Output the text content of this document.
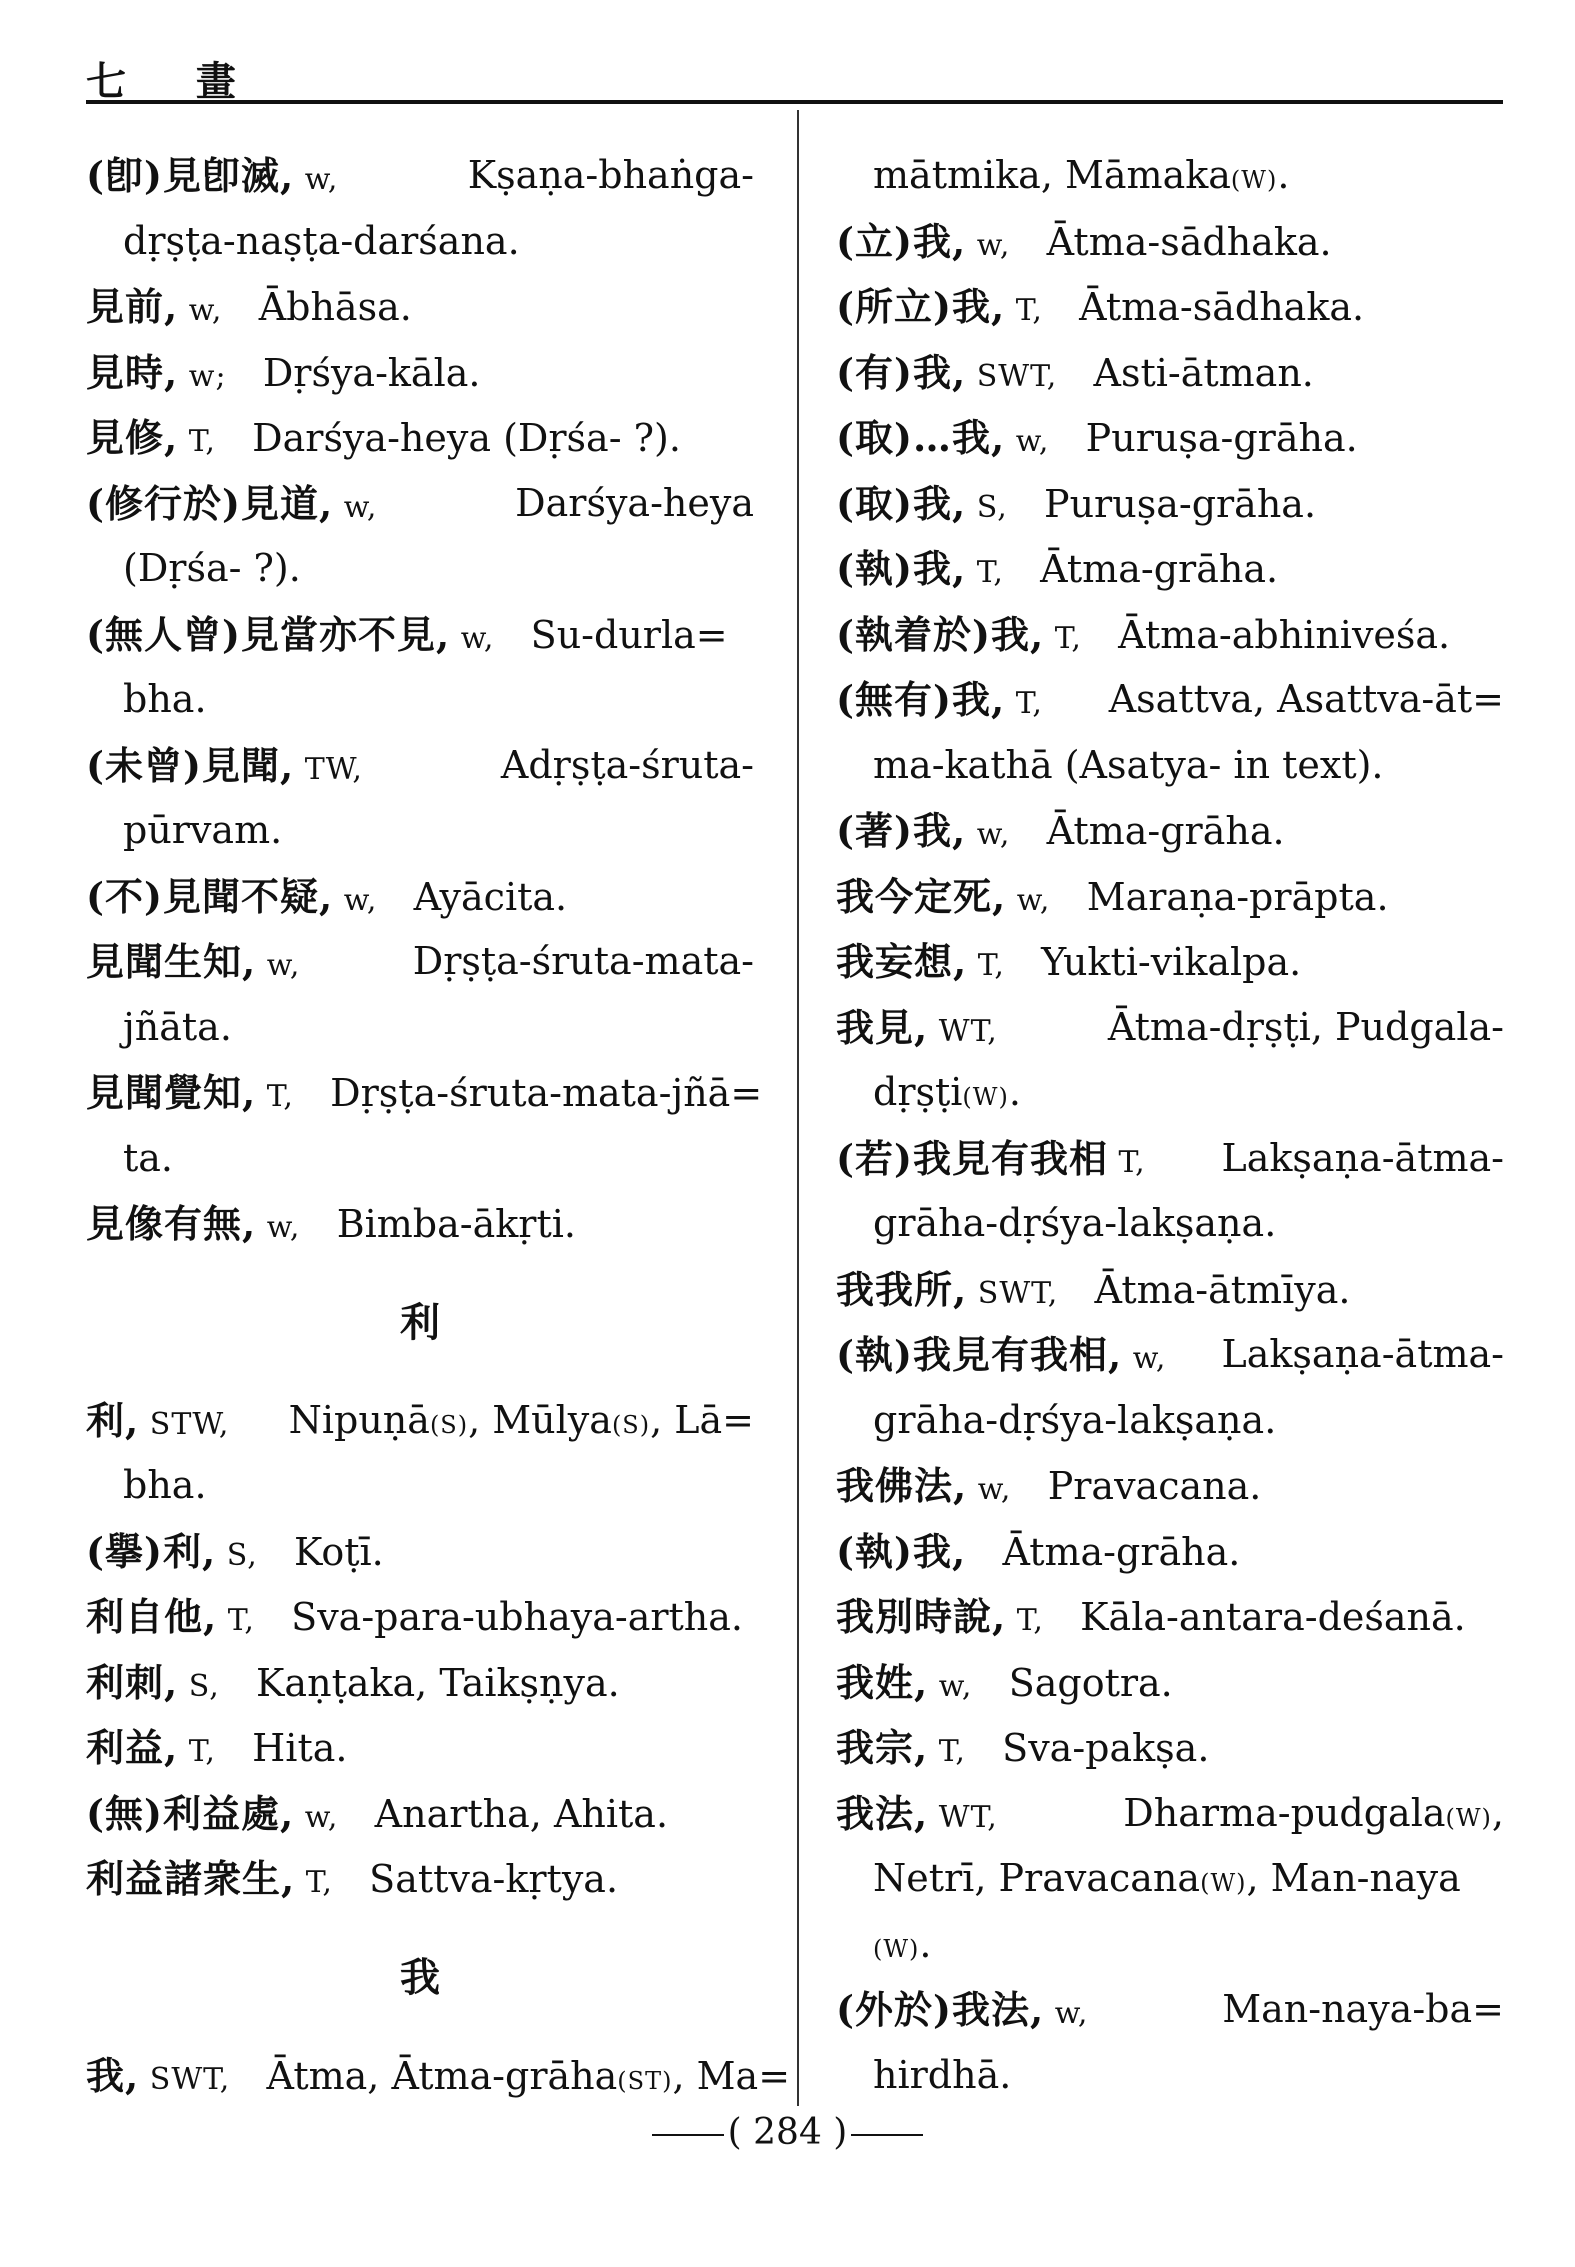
七 畫
(卽)見卽滅, w,	Kṣaṇa-bhaṅga-
dṛṣṭa-naṣṭa-darśana.
見前, w, Ābhāsa.
見時, w; Dṛśya-kāla.
見修, T, Darśya-heya (Dṛśa- ?).
(修行於)見道, w,	Darśya-heya
(Dṛśa- ?).
(無人曾)見當亦不見, w, Su-durla=
bha.
(未曾)見聞, TW,	Adṛṣṭa-śruta-
pūrvam.
(不)見聞不疑, w, Ayācita.
見聞生知, w,	Dṛṣṭa-śruta-mata-
jñāta.
見聞覺知, T, Dṛṣṭa-śruta-mata-jñā=
ta.
見像有無, w, Bimba-ākṛti.
利
利, STW, Nipuṇā(S), Mūlya(S), Lā=
bha.
(擧)利, S, Koṭī.
利自他, T, Sva-para-ubhaya-artha.
利刺, S, Kaṇṭaka, Taikṣṇya.
利益, T, Hita.
(無)利益處, w, Anartha, Ahita.
利益諸衆生, T, Sattva-kṛtya.
我
我, SWT, Ātma, Ātma-grāha(ST), Ma=
mātmika, Māmaka(W).
(立)我, w, Ātma-sādhaka.
(所立)我, T, Ātma-sādhaka.
(有)我, SWT, Asti-ātman.
(取)…我, w, Puruṣa-grāha.
(取)我, S, Puruṣa-grāha.
(執)我, T, Ātma-grāha.
(執着於)我, T, Ātma-abhiniveśa.
(無有)我, T, Asattva, Asattva-āt=
ma-kathā (Asatya- in text).
(著)我, w, Ātma-grāha.
我今定死, w, Maraṇa-prāpta.
我妄想, T, Yukti-vikalpa.
我見, WT,	Ātma-dṛṣṭi, Pudgala-
dṛṣṭi(W).
(若)我見有我相 T, Lakṣaṇa-ātma-
grāha-dṛśya-lakṣaṇa.
我我所, SWT, Ātma-ātmīya.
(執)我見有我相, w, Lakṣaṇa-ātma-
grāha-dṛśya-lakṣaṇa.
我佛法, w, Pravacana.
(執)我, Ātma-grāha.
我別時說, T, Kāla-antara-deśanā.
我姓, w, Sagotra.
我宗, T, Sva-pakṣa.
我法, WT,	Dharma-pudgala(W),
Netrī, Pravacana(W), Man-naya
(W).
(外於)我法, w,	Man-naya-ba=
hirdhā.
( 284 )
